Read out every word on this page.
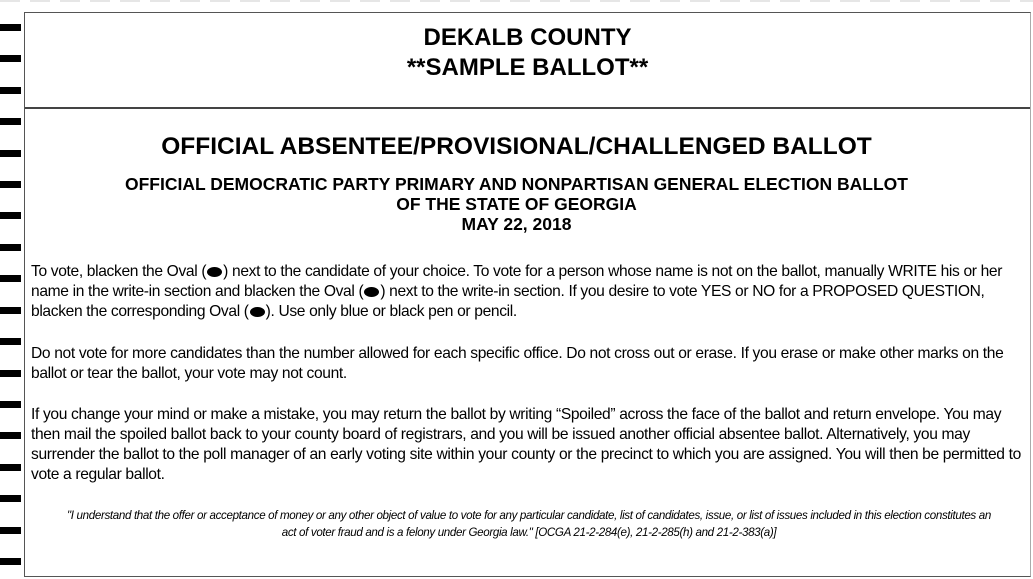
DEKALB COUNTY
**SAMPLE BALLOT**
OFFICIAL ABSENTEE/PROVISIONAL/CHALLENGED BALLOT
OFFICIAL DEMOCRATIC PARTY PRIMARY AND NONPARTISAN GENERAL ELECTION BALLOT
OF THE STATE OF GEORGIA
MAY 22, 2018
To vote, blacken the Oval ( ) next to the candidate of your choice. To vote for a person whose name is not on the ballot, manually WRITE his or her name in the write-in section and blacken the Oval ( ) next to the write-in section. If you desire to vote YES or NO for a PROPOSED QUESTION, blacken the corresponding Oval ( ). Use only blue or black pen or pencil.
Do not vote for more candidates than the number allowed for each specific office. Do not cross out or erase. If you erase or make other marks on the ballot or tear the ballot, your vote may not count.
If you change your mind or make a mistake, you may return the ballot by writing “Spoiled” across the face of the ballot and return envelope. You may then mail the spoiled ballot back to your county board of registrars, and you will be issued another official absentee ballot. Alternatively, you may surrender the ballot to the poll manager of an early voting site within your county or the precinct to which you are assigned. You will then be permitted to vote a regular ballot.
"I understand that the offer or acceptance of money or any other object of value to vote for any particular candidate, list of candidates, issue, or list of issues included in this election constitutes an
act of voter fraud and is a felony under Georgia law." [OCGA 21-2-284(e), 21-2-285(h) and 21-2-383(a)]
